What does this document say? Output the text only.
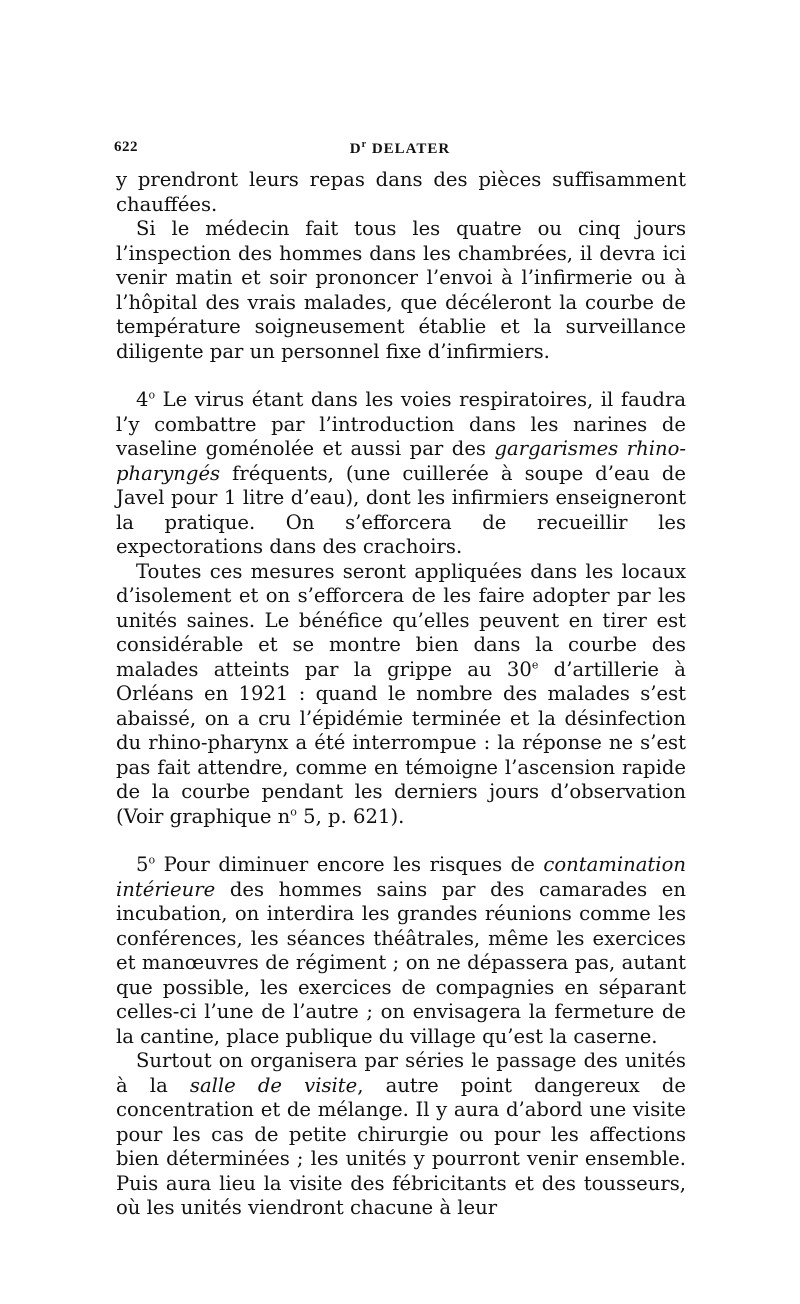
622	$D^r$ DELATER

y prendront leurs repas dans des pièces suffisamment chauffées.

Si le médecin fait tous les quatre ou cinq jours l’inspection des hommes dans les chambrées, il devra ici venir matin et soir prononcer l’envoi à l’infirmerie ou à l’hôpital des vrais malades, que décéleront la courbe de température soigneusement établie et la surveillance diligente par un personnel fixe d’infirmiers.

4$^o$ Le virus étant dans les voies respiratoires, il faudra l’y combattre par l’introduction dans les narines de vaseline goménolée et aussi par des gargarismes rhino-pharyngés fréquents, (une cuillerée à soupe d’eau de Javel pour 1 litre d’eau), dont les infirmiers enseigneront la pratique. On s’efforcera de recueillir les expectorations dans des crachoirs.

Toutes ces mesures seront appliquées dans les locaux d’isolement et on s’efforcera de les faire adopter par les unités saines. Le bénéfice qu’elles peuvent en tirer est considérable et se montre bien dans la courbe des malades atteints par la grippe au 30e d’artillerie à Orléans en 1921 : quand le nombre des malades s’est abaissé, on a cru l’épidémie terminée et la désinfection du rhino-pharynx a été interrompue : la réponse ne s’est pas fait attendre, comme en témoigne l’ascension rapide de la courbe pendant les derniers jours d’observation (Voir graphique $n^o$ 5, p. 621).

5$^o$ Pour diminuer encore les risques de contamination intérieure des hommes sains par des camarades en incubation, on interdira les grandes réunions comme les conférences, les séances théâtrales, même les exercices et manœuvres de régiment ; on ne dépassera pas, autant que possible, les exercices de compagnies en séparant celles-ci l’une de l’autre ; on envisagera la fermeture de la cantine, place publique du village qu’est la caserne.

Surtout on organisera par séries le passage des unités à la salle de visite, autre point dangereux de concentration et de mélange. Il y aura d’abord une visite pour les cas de petite chirurgie ou pour les affections bien déterminées ; les unités y pourront venir ensemble. Puis aura lieu la visite des fébricitants et des tousseurs, où les unités viendront chacune à leur
